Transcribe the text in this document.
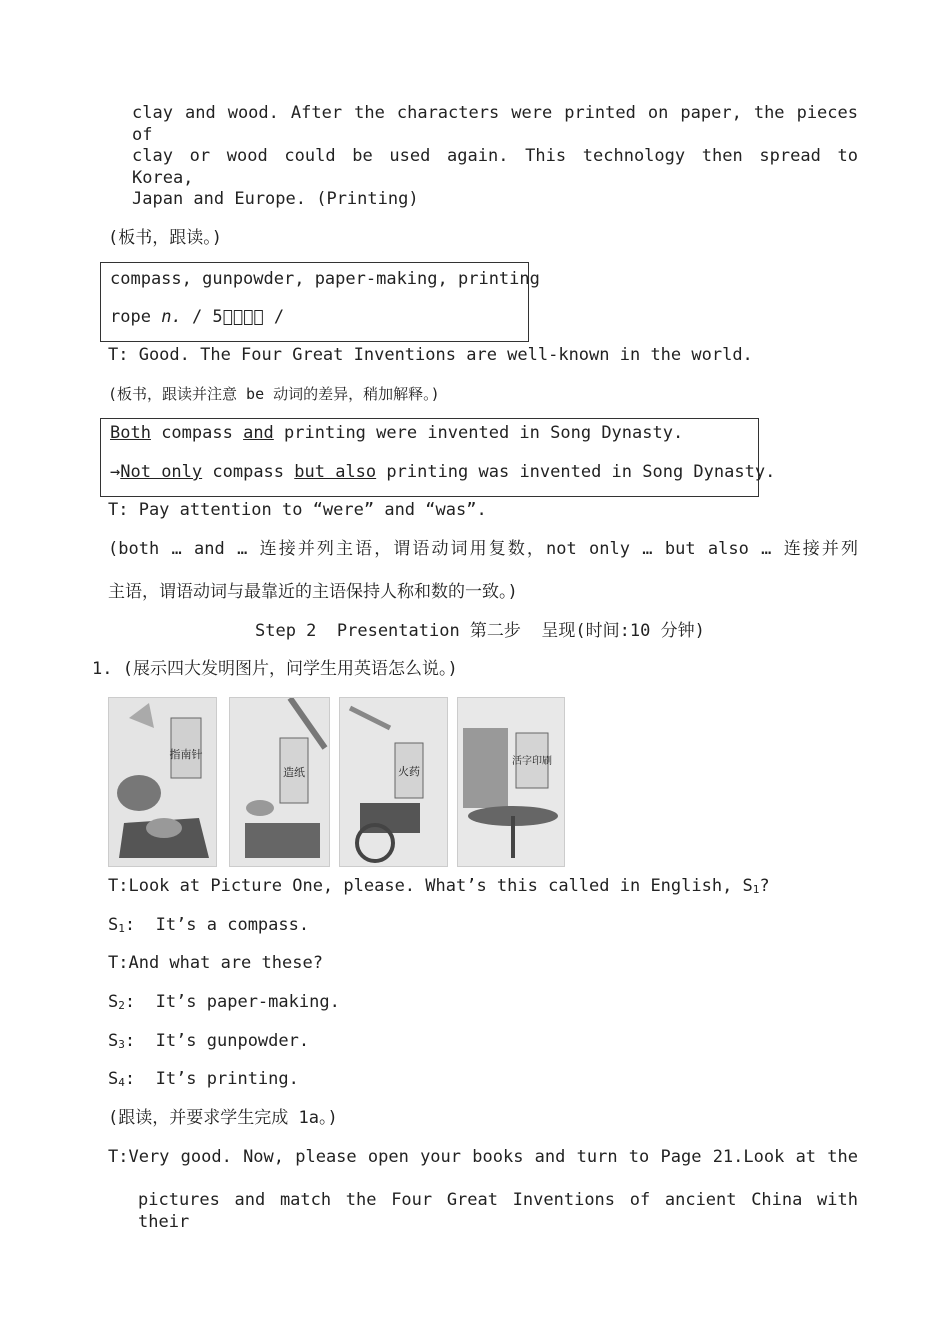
clay and wood. After the characters were printed on paper, the pieces of
clay or wood could be used again. This technology then spread to Korea,
Japan and Europe. (Printing)
(板书，跟读。)
compass, gunpowder, paper-making, printing
rope n. / 5     /
T: Good. The Four Great Inventions are well-known in the world.
(板书，跟读并注意 be 动词的差异，稍加解释。)
Both compass and printing were invented in Song Dynasty.
→Not only compass but also printing was invented in Song Dynasty.
T: Pay attention to “were” and “was”.
(both … and … 连接并列主语，谓语动词用复数，not only … but also … 连接并列
主语，谓语动词与最靠近的主语保持人称和数的一致。)
Step 2  Presentation 第二步  呈现(时间:10 分钟)
1. (展示四大发明图片，问学生用英语怎么说。)
指南针
造纸	火药
活字印刷
T:Look at Picture One, please. What’s this called in English, $S_1$?
$S_1$:  It’s a compass.
T:And what are these?
$S_2$:  It’s paper-making.
$S_3$:  It’s gunpowder.
$S_4$:  It’s printing.
(跟读，并要求学生完成 1a。)
T:Very good. Now, please open your books and turn to Page 21.Look at the
pictures and match the Four Great Inventions of ancient China with their
